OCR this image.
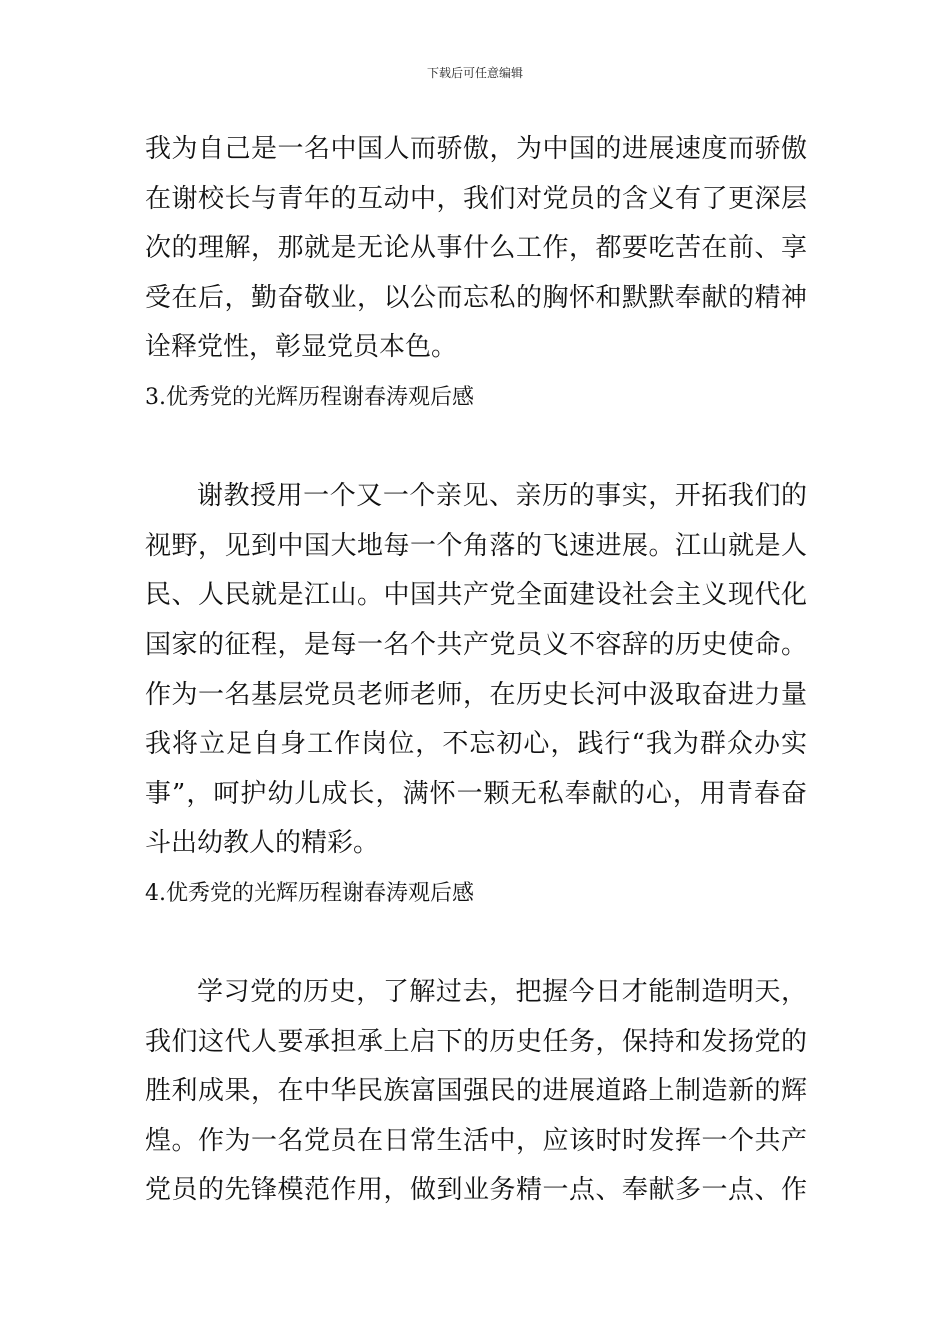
下载后可任意编辑
我为自己是一名中国人而骄傲，为中国的进展速度而骄傲
在谢校长与青年的互动中，我们对党员的含义有了更深层
次的理解，那就是无论从事什么工作，都要吃苦在前、享
受在后，勤奋敬业，以公而忘私的胸怀和默默奉献的精神
诠释党性，彰显党员本色。
3.优秀党的光辉历程谢春涛观后感
谢教授用一个又一个亲见、亲历的事实，开拓我们的
视野，见到中国大地每一个角落的飞速进展。江山就是人
民、人民就是江山。中国共产党全面建设社会主义现代化
国家的征程，是每一名个共产党员义不容辞的历史使命。
作为一名基层党员老师老师，在历史长河中汲取奋进力量
我将立足自身工作岗位，不忘初心，践行“我为群众办实
事”，呵护幼儿成长，满怀一颗无私奉献的心，用青春奋
斗出幼教人的精彩。
4.优秀党的光辉历程谢春涛观后感
学习党的历史，了解过去，把握今日才能制造明天，
我们这代人要承担承上启下的历史任务，保持和发扬党的
胜利成果，在中华民族富国强民的进展道路上制造新的辉
煌。作为一名党员在日常生活中，应该时时发挥一个共产
党员的先锋模范作用，做到业务精一点、奉献多一点、作
